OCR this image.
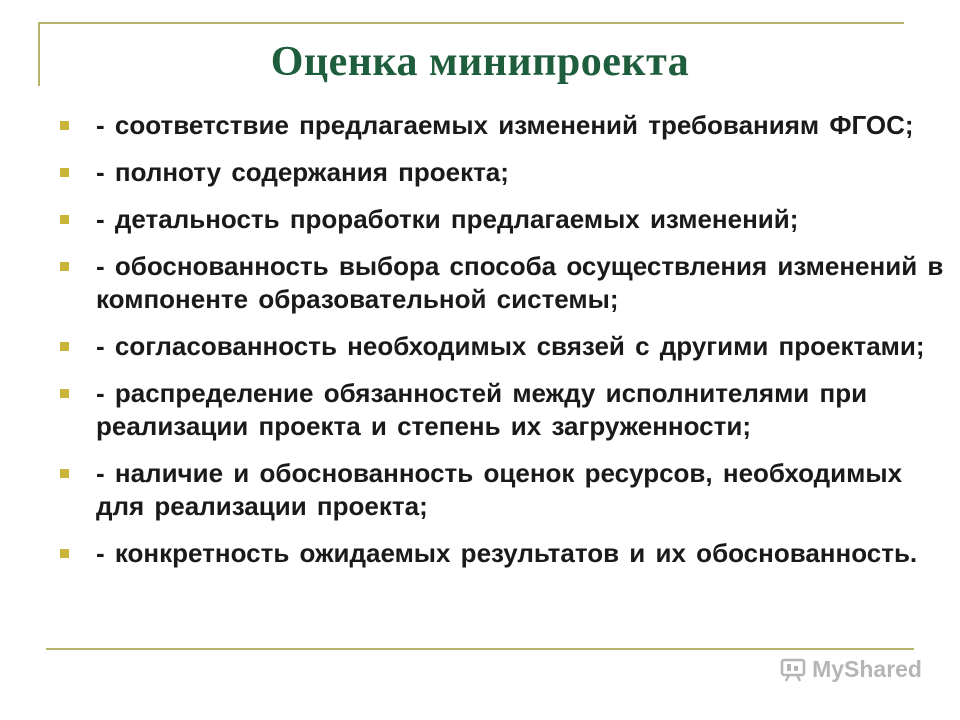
Оценка минипроекта
- соответствие предлагаемых изменений требованиям ФГОС;
- полноту содержания проекта;
- детальность проработки предлагаемых изменений;
- обоснованность выбора способа осуществления изменений в компоненте образовательной системы;
- согласованность необходимых связей с другими проектами;
- распределение обязанностей между исполнителями при реализации проекта и степень их загруженности;
- наличие и обоснованность оценок ресурсов, необходимых для реализации проекта;
- конкретность ожидаемых результатов и их обоснованность.
MyShared
